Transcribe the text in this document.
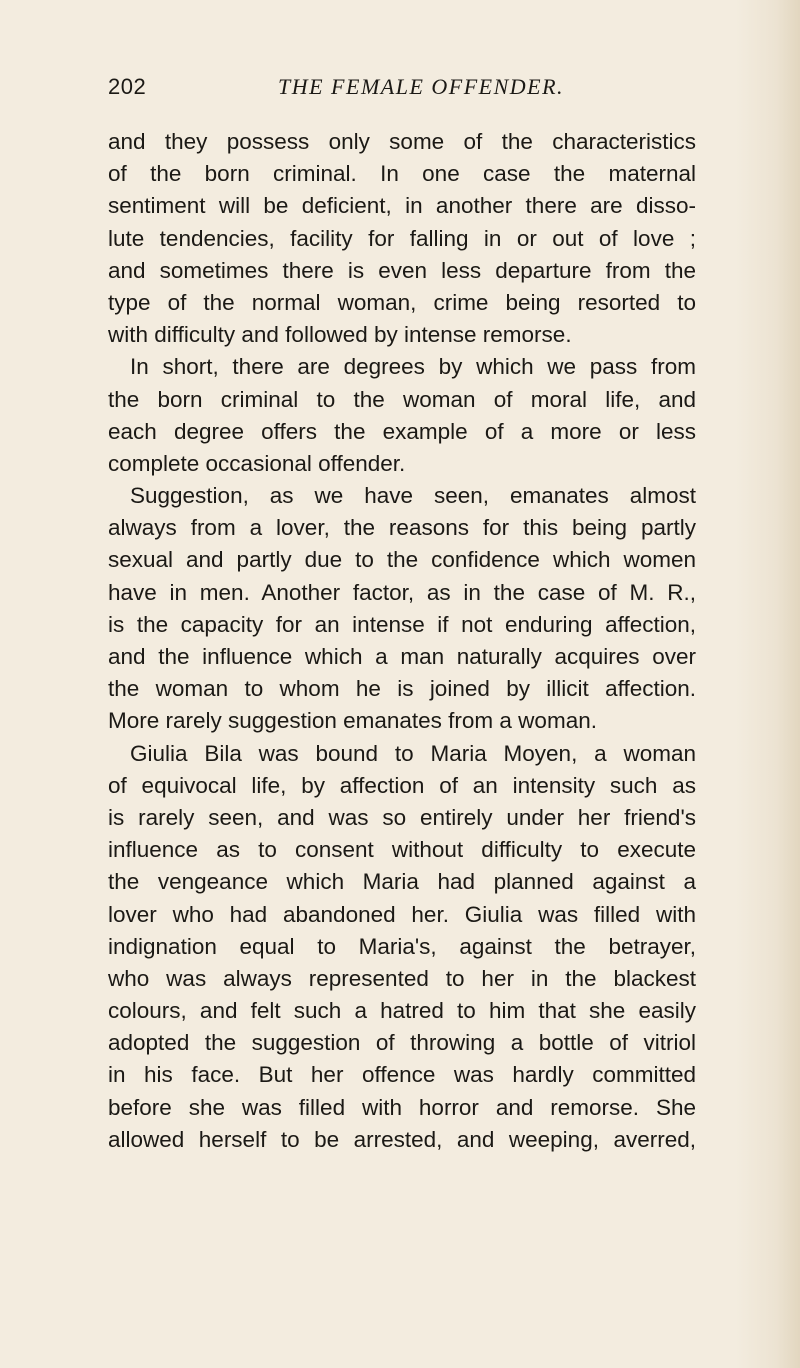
202	THE FEMALE OFFENDER.
and they possess only some of the characteristics
of the born criminal. In one case the maternal
sentiment will be deficient, in another there are disso-
lute tendencies, facility for falling in or out of love ;
and sometimes there is even less departure from the
type of the normal woman, crime being resorted to
with difficulty and followed by intense remorse.
In short, there are degrees by which we pass from
the born criminal to the woman of moral life, and
each degree offers the example of a more or less
complete occasional offender.
Suggestion, as we have seen, emanates almost
always from a lover, the reasons for this being partly
sexual and partly due to the confidence which women
have in men. Another factor, as in the case of M. R.,
is the capacity for an intense if not enduring affection,
and the influence which a man naturally acquires over
the woman to whom he is joined by illicit affection.
More rarely suggestion emanates from a woman.
Giulia Bila was bound to Maria Moyen, a woman
of equivocal life, by affection of an intensity such as
is rarely seen, and was so entirely under her friend's
influence as to consent without difficulty to execute
the vengeance which Maria had planned against a
lover who had abandoned her. Giulia was filled with
indignation equal to Maria's, against the betrayer,
who was always represented to her in the blackest
colours, and felt such a hatred to him that she easily
adopted the suggestion of throwing a bottle of vitriol
in his face. But her offence was hardly committed
before she was filled with horror and remorse. She
allowed herself to be arrested, and weeping, averred,
